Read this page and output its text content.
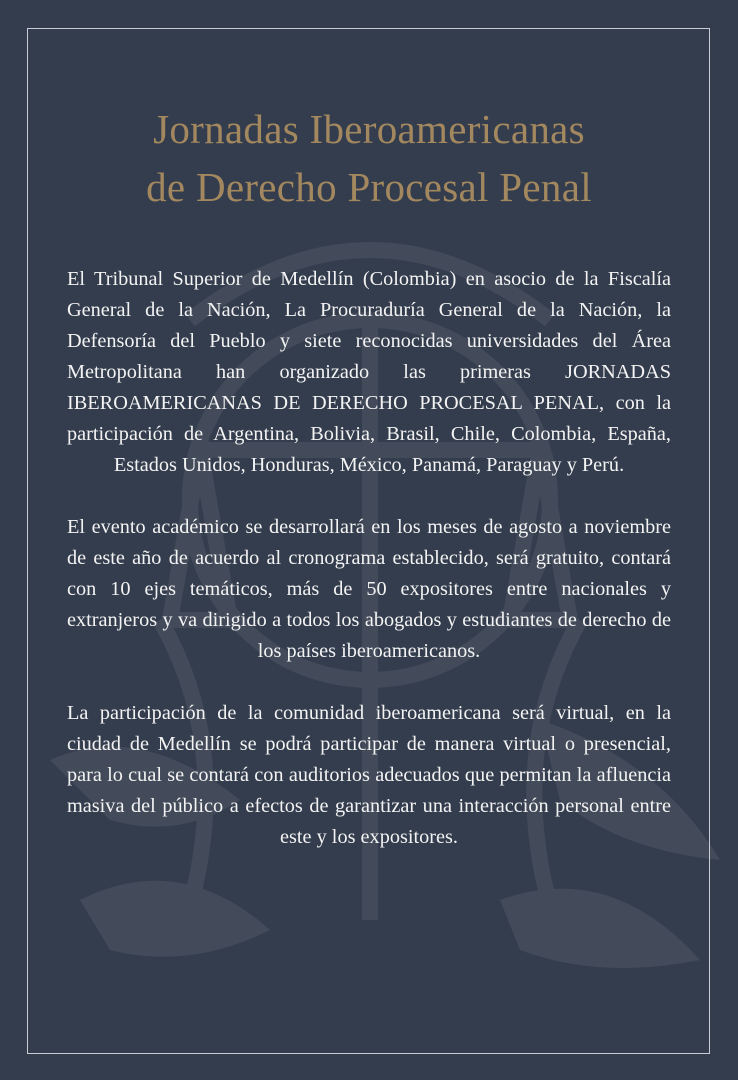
Jornadas Iberoamericanas
de Derecho Procesal Penal

El Tribunal Superior de Medellín (Colombia) en asocio de la Fiscalía General de la Nación, La Procuraduría General de la Nación, la Defensoría del Pueblo y siete reconocidas universidades del Área Metropolitana han organizado las primeras JORNADAS IBEROAMERICANAS DE DERECHO PROCESAL PENAL, con la participación de Argentina, Bolivia, Brasil, Chile, Colombia, España, Estados Unidos, Honduras, México, Panamá, Paraguay y Perú.

El evento académico se desarrollará en los meses de agosto a noviembre de este año de acuerdo al cronograma establecido, será gratuito, contará con 10 ejes temáticos, más de 50 expositores entre nacionales y extranjeros y va dirigido a todos los abogados y estudiantes de derecho de los países iberoamericanos.

La participación de la comunidad iberoamericana será virtual, en la ciudad de Medellín se podrá participar de manera virtual o presencial, para lo cual se contará con auditorios adecuados que permitan la afluencia masiva del público a efectos de garantizar una interacción personal entre este y los expositores.
